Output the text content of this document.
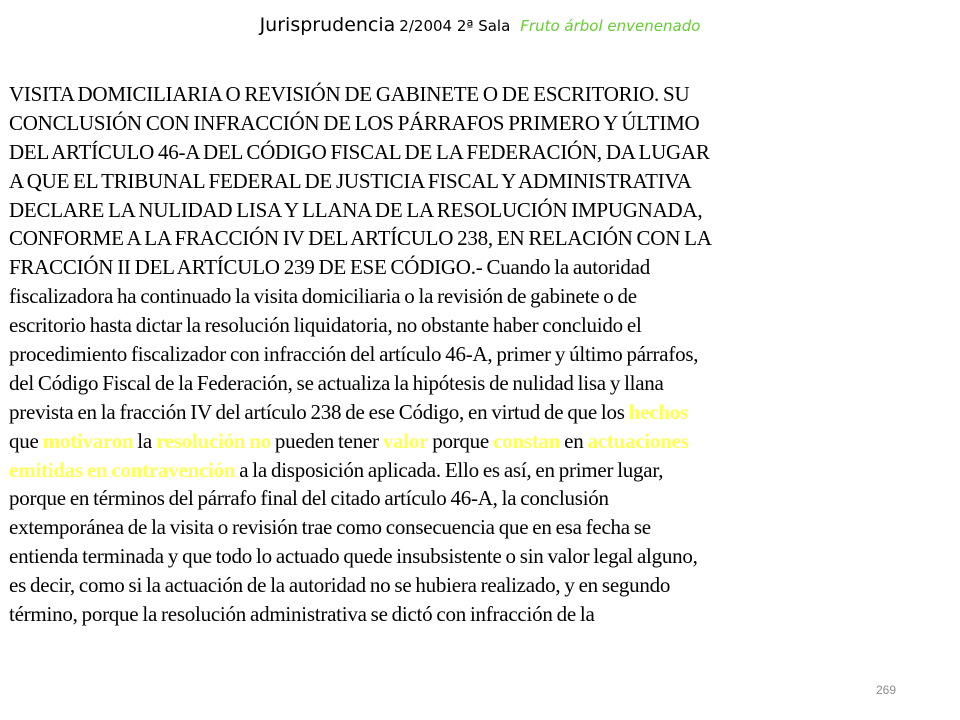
Jurisprudencia 2/2004 2ª Sala Fruto árbol envenenado
VISITA DOMICILIARIA O REVISIÓN DE GABINETE O DE ESCRITORIO. SU
CONCLUSIÓN CON INFRACCIÓN DE LOS PÁRRAFOS PRIMERO Y ÚLTIMO
DEL ARTÍCULO 46-A DEL CÓDIGO FISCAL DE LA FEDERACIÓN, DA LUGAR
A QUE EL TRIBUNAL FEDERAL DE JUSTICIA FISCAL Y ADMINISTRATIVA
DECLARE LA NULIDAD LISA Y LLANA DE LA RESOLUCIÓN IMPUGNADA,
CONFORME A LA FRACCIÓN IV DEL ARTÍCULO 238, EN RELACIÓN CON LA
FRACCIÓN II DEL ARTÍCULO 239 DE ESE CÓDIGO.- Cuando la autoridad
fiscalizadora ha continuado la visita domiciliaria o la revisión de gabinete o de
escritorio hasta dictar la resolución liquidatoria, no obstante haber concluido el
procedimiento fiscalizador con infracción del artículo 46-A, primer y último párrafos,
del Código Fiscal de la Federación, se actualiza la hipótesis de nulidad lisa y llana
prevista en la fracción IV del artículo 238 de ese Código, en virtud de que los hechos
que motivaron la resolución no pueden tener valor porque constan en actuaciones
emitidas en contravención a la disposición aplicada. Ello es así, en primer lugar,
porque en términos del párrafo final del citado artículo 46-A, la conclusión
extemporánea de la visita o revisión trae como consecuencia que en esa fecha se
entienda terminada y que todo lo actuado quede insubsistente o sin valor legal alguno,
es decir, como si la actuación de la autoridad no se hubiera realizado, y en segundo
término, porque la resolución administrativa se dictó con infracción de la
269
